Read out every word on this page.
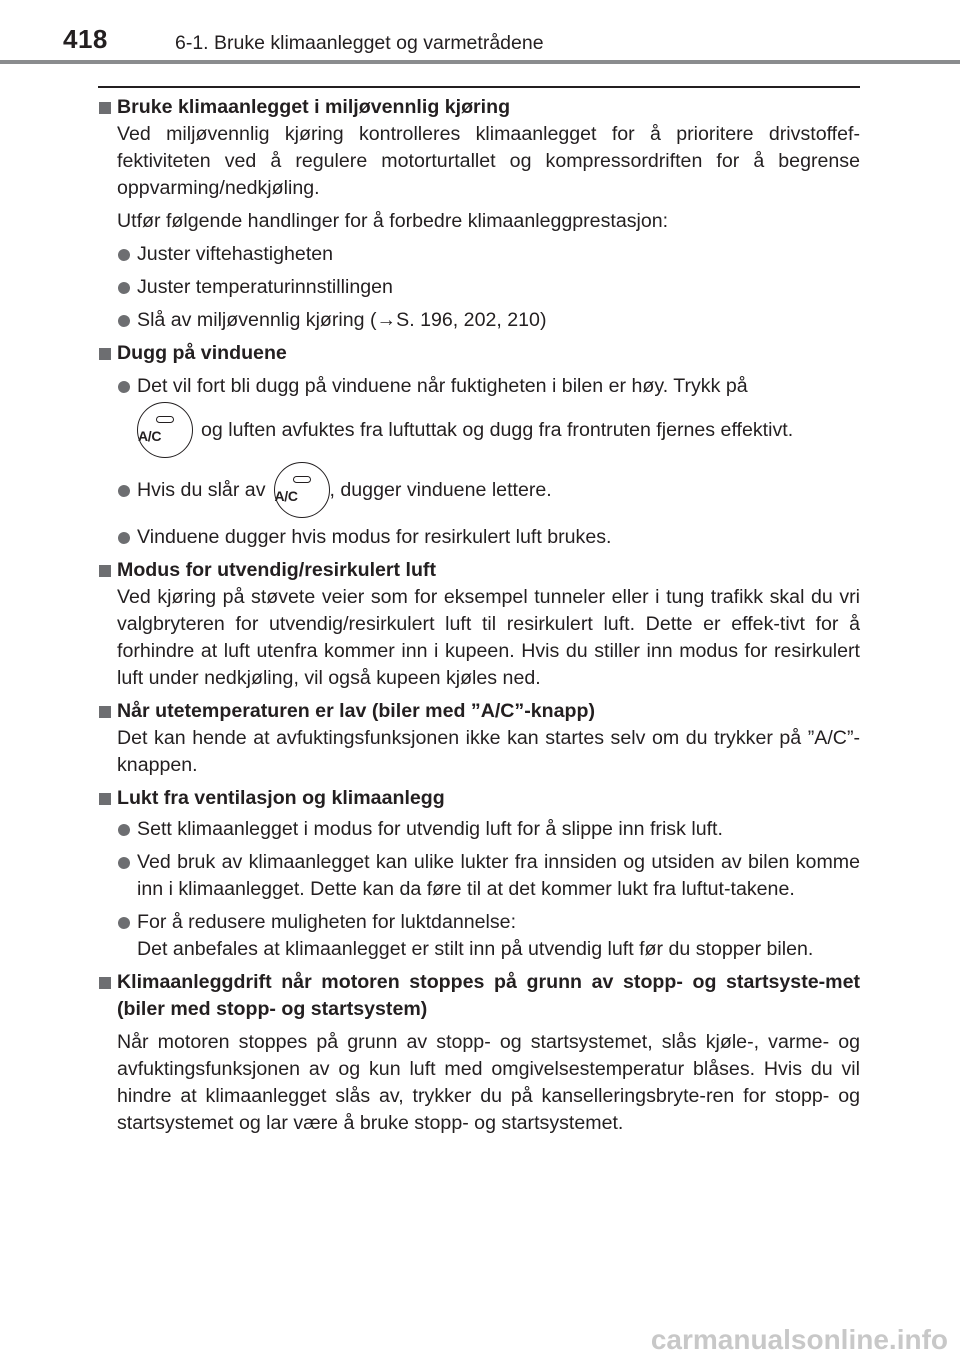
418	6-1. Bruke klimaanlegget og varmetrådene
Bruke klimaanlegget i miljøvennlig kjøring
Ved miljøvennlig kjøring kontrolleres klimaanlegget for å prioritere drivstoffef-fektiviteten ved å regulere motorturtallet og kompressordriften for å begrense oppvarming/nedkjøling.
Utfør følgende handlinger for å forbedre klimaanleggprestasjon:
Juster viftehastigheten
Juster temperaturinnstillingen
Slå av miljøvennlig kjøring (→S. 196, 202, 210)
Dugg på vinduene
Det vil fort bli dugg på vinduene når fuktigheten i bilen er høy. Trykk på
A/C	og luften avfuktes fra luftuttak og dugg fra frontruten fjernes effektivt.
Hvis du slår av A/C	, dugger vinduene lettere.
Vinduene dugger hvis modus for resirkulert luft brukes.
Modus for utvendig/resirkulert luft
Ved kjøring på støvete veier som for eksempel tunneler eller i tung trafikk skal du vri valgbryteren for utvendig/resirkulert luft til resirkulert luft. Dette er effek-tivt for å forhindre at luft utenfra kommer inn i kupeen. Hvis du stiller inn modus for resirkulert luft under nedkjøling, vil også kupeen kjøles ned.
Når utetemperaturen er lav (biler med ”A/C”-knapp)
Det kan hende at avfuktingsfunksjonen ikke kan startes selv om du trykker på ”A/C”-knappen.
Lukt fra ventilasjon og klimaanlegg
Sett klimaanlegget i modus for utvendig luft for å slippe inn frisk luft.
Ved bruk av klimaanlegget kan ulike lukter fra innsiden og utsiden av bilen komme inn i klimaanlegget. Dette kan da føre til at det kommer lukt fra luftut-takene.
For å redusere muligheten for luktdannelse:
Det anbefales at klimaanlegget er stilt inn på utvendig luft før du stopper bilen.
Klimaanleggdrift når motoren stoppes på grunn av stopp- og startsyste-met (biler med stopp- og startsystem)
Når motoren stoppes på grunn av stopp- og startsystemet, slås kjøle-, varme- og avfuktingsfunksjonen av og kun luft med omgivelsestemperatur blåses. Hvis du vil hindre at klimaanlegget slås av, trykker du på kanselleringsbryte-ren for stopp- og startsystemet og lar være å bruke stopp- og startsystemet.
carmanualsonline.info
